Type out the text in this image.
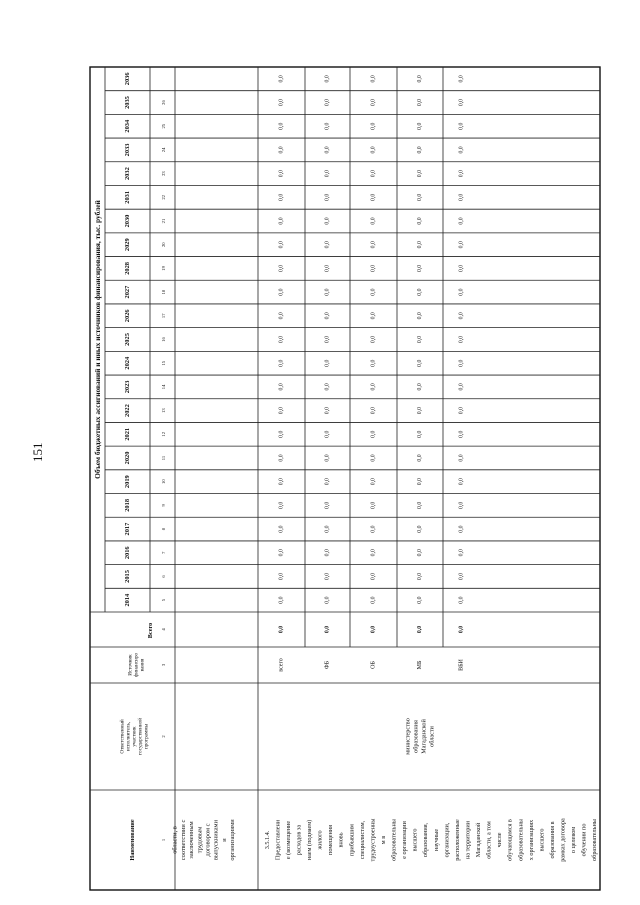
151	Объем бюджетных ассигнований и иных источников финансирования, тыс. рублей
Наименование
Ответственный исполнитель, участник государственной программы
Источник финансиро вания
Всего
2014
2015
2016
2017
2018
2019
2020
2021
2022
2023
2024
2025
2026
2027
2028
2029
2030
2031
2032
2033
2034
2035
2036
1
2
3
4
5
6
7
8
9
10
11
12
13
14
15
16
17
18
19
20
21
22
23
24
25
26
всего
0,0
0,0
0,0
0,0
0,0
0,0
0,0
0,0
0,0
0,0
0,0
0,0
0,0
0,0
0,0
0,0
0,0
0,0
0,0
0,0
0,0
0,0
0,0
0,0
ФБ
0,0
0,0
0,0
0,0
0,0
0,0
0,0
0,0
0,0
0,0
0,0
0,0
0,0
0,0
0,0
0,0
0,0
0,0
0,0
0,0
0,0
0,0
0,0
0,0
ОБ
0,0
0,0
0,0
0,0
0,0
0,0
0,0
0,0
0,0
0,0
0,0
0,0
0,0
0,0
0,0
0,0
0,0
0,0
0,0
0,0
0,0
0,0
0,0
0,0
МБ
0,0
0,0
0,0
0,0
0,0
0,0
0,0
0,0
0,0
0,0
0,0
0,0
0,0
0,0
0,0
0,0
0,0
0,0
0,0
0,0
0,0
0,0
0,0
0,0
ВБИ
0,0
0,0
0,0
0,0
0,0
0,0
0,0
0,0
0,0
0,0
0,0
0,0
0,0
0,0
0,0
0,0
0,0
0,0
0,0
0,0
0,0
0,0
0,0
0,0
области, в соответствии с заключенным трудовым договором с выпускниками и организациями	3.5.1.4. Предоставлени е (возмещение расходов за наем (поднаем) жилого помещения вновь прибывшим специалистам, трудоустроенны м в образовательны е организации высшего образования, научные организации, расположенные на территории Магаданской области, а том числе обучающимся в образовательны х организациях высшего образования в рамках договора о целевом обучении по образовательны
министерство образования Магаданской области
